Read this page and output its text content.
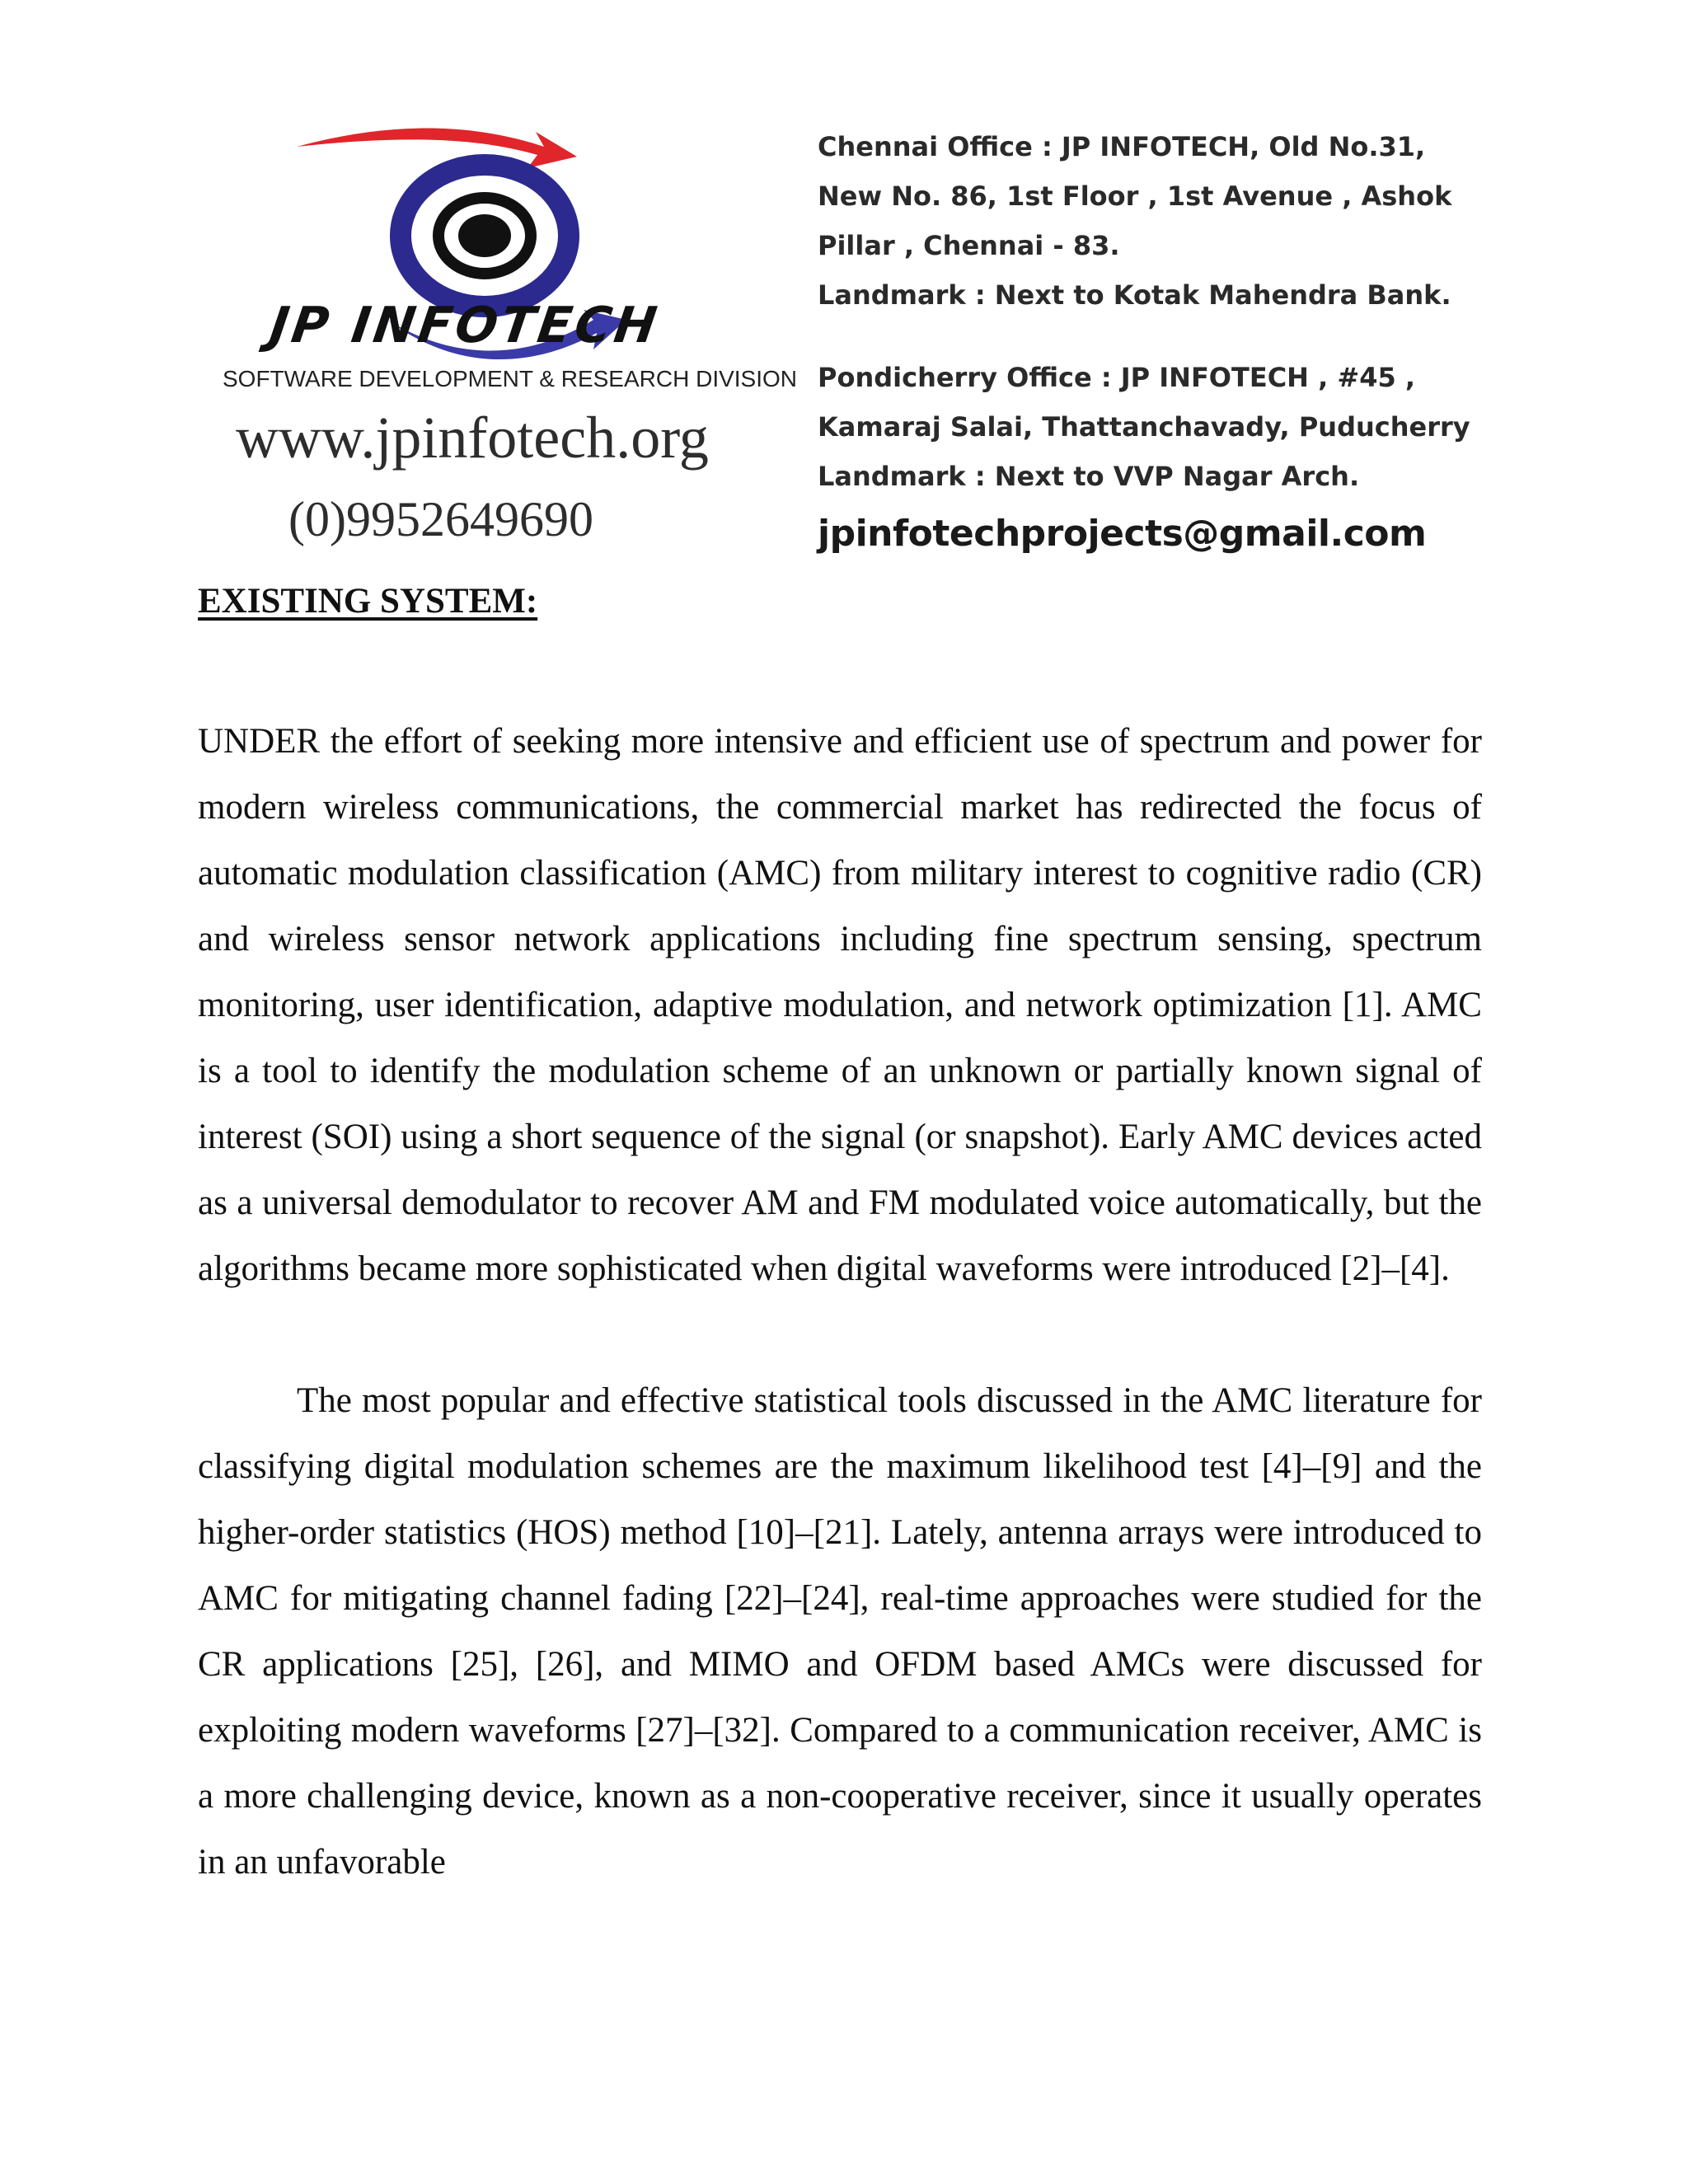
JP INFOTECH
SOFTWARE DEVELOPMENT & RESEARCH DIVISION
www.jpinfotech.org
(0)9952649690
Chennai Office : JP INFOTECH, Old No.31,
New No. 86, 1st Floor , 1st Avenue , Ashok
Pillar , Chennai - 83.
Landmark : Next to Kotak Mahendra Bank.
Pondicherry Office : JP INFOTECH , #45 ,
Kamaraj Salai, Thattanchavady, Puducherry
Landmark : Next to VVP Nagar Arch.
jpinfotechprojects@gmail.com
EXISTING SYSTEM:

UNDER the effort of seeking more intensive and efficient use of spectrum and power for modern wireless communications, the commercial market has redirected the focus of automatic modulation classification (AMC) from military interest to cognitive radio (CR) and wireless sensor network applications including fine spectrum sensing, spectrum monitoring, user identification, adaptive modulation, and network optimization [1]. AMC is a tool to identify the modulation scheme of an unknown or partially known signal of interest (SOI) using a short sequence of the signal (or snapshot). Early AMC devices acted as a universal demodulator to recover AM and FM modulated voice automatically, but the algorithms became more sophisticated when digital waveforms were introduced [2]–[4].

The most popular and effective statistical tools discussed in the AMC literature for classifying digital modulation schemes are the maximum likelihood test [4]–[9] and the higher-order statistics (HOS) method [10]–[21]. Lately, antenna arrays were introduced to AMC for mitigating channel fading [22]–[24], real-time approaches were studied for the CR applications [25], [26], and MIMO and OFDM based AMCs were discussed for exploiting modern waveforms [27]–[32]. Compared to a communication receiver, AMC is a more challenging device, known as a non-cooperative receiver, since it usually operates in an unfavorable
